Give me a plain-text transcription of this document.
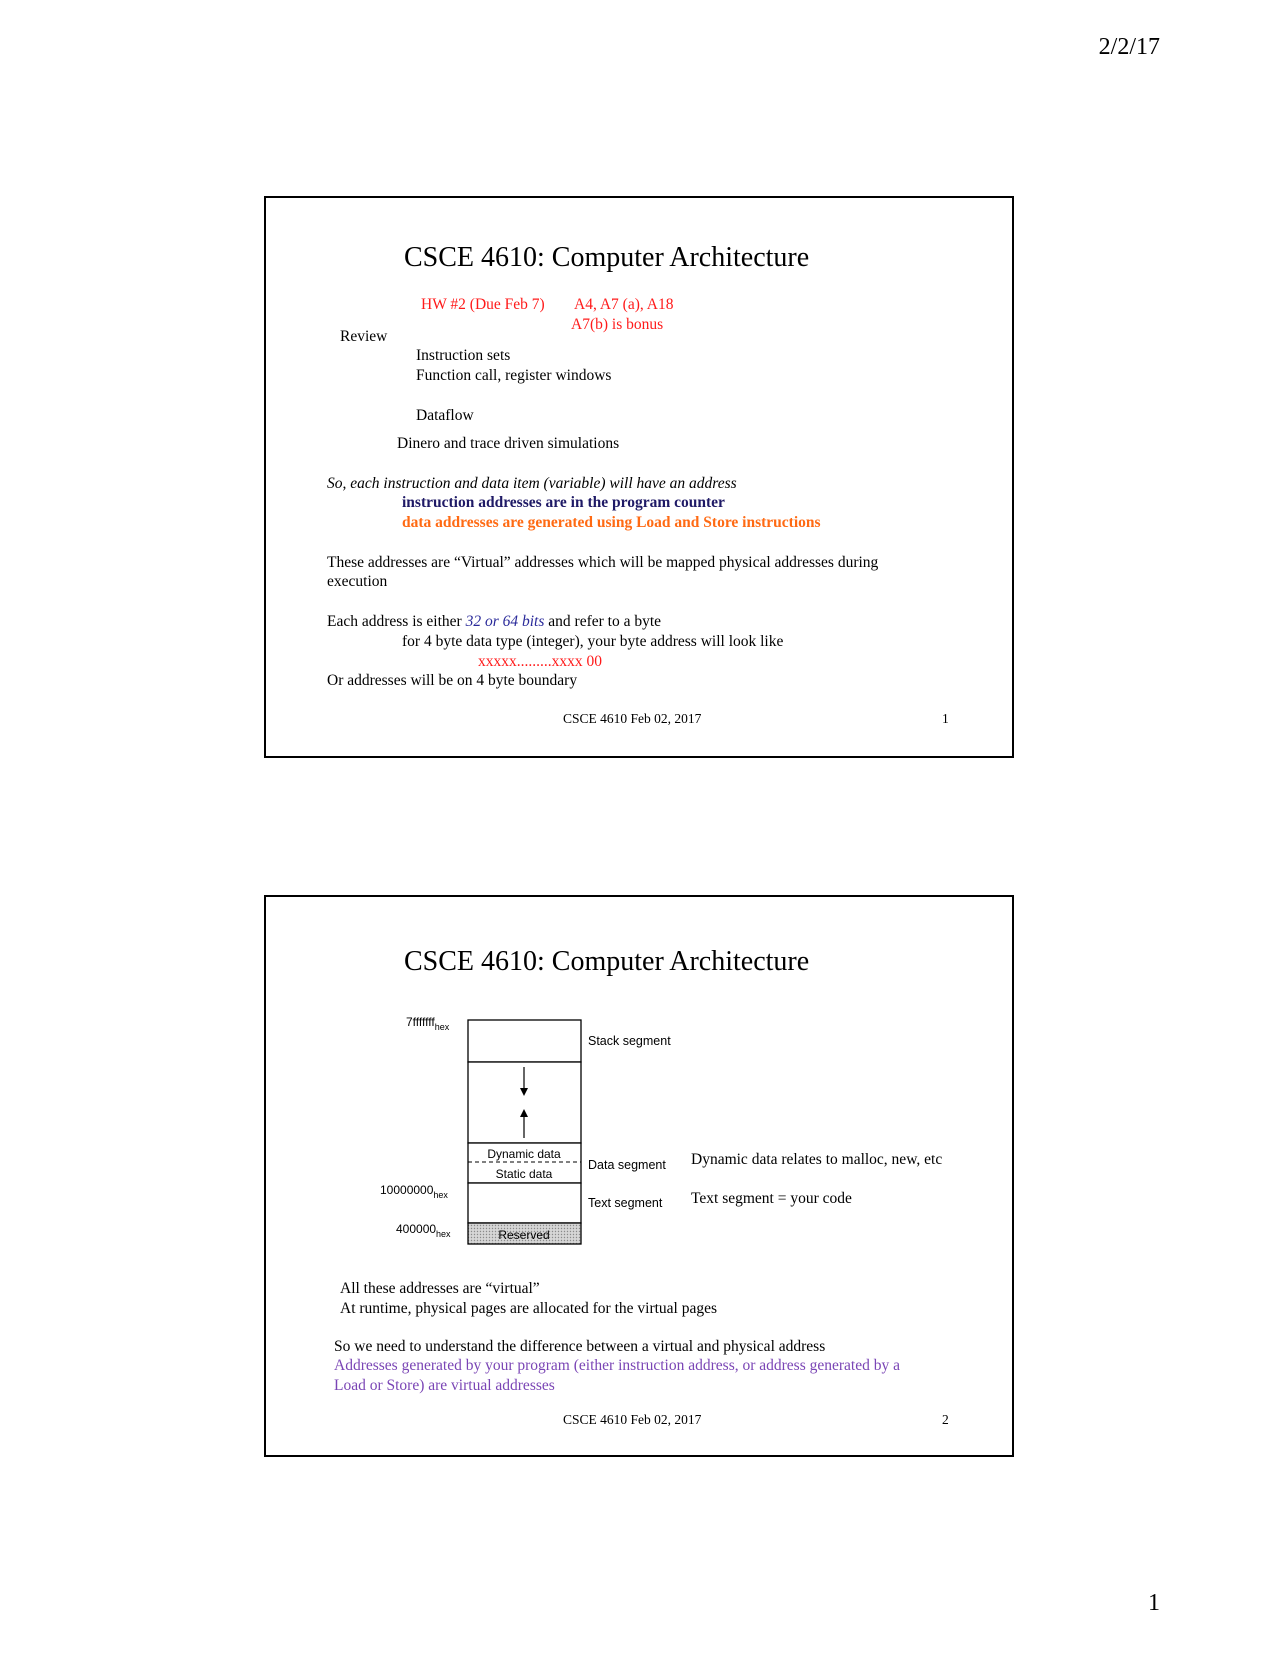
2/2/17
CSCE 4610: Computer Architecture
HW #2 (Due Feb 7) A4, A7 (a), A18
A7(b) is bonus
Review
Instruction sets
Function call, register windows
Dataflow
Dinero and trace driven simulations
So, each instruction and data item (variable) will have an address
instruction addresses are in the program counter
data addresses are generated using Load and Store instructions
These addresses are “Virtual” addresses which will be mapped physical addresses during
execution
Each address is either 32 or 64 bits and refer to a byte
for 4 byte data type (integer), your byte address will look like
xxxxx.........xxxx 00
Or addresses will be on 4 byte boundary
CSCE 4610 Feb 02, 2017	1
CSCE 4610: Computer Architecture
7fffffff$_{hex}$
$10000000_{hex}$
$400000_{hex}$
Dynamic data
Static data
Reserved
Stack segment
Data segment
Text segment
Dynamic data relates to malloc, new, etc
Text segment = your code
All these addresses are “virtual”
At runtime, physical pages are allocated for the virtual pages
So we need to understand the difference between a virtual and physical address
Addresses generated by your program (either instruction address, or address generated by a
Load or Store) are virtual addresses
CSCE 4610 Feb 02, 2017	2
1
